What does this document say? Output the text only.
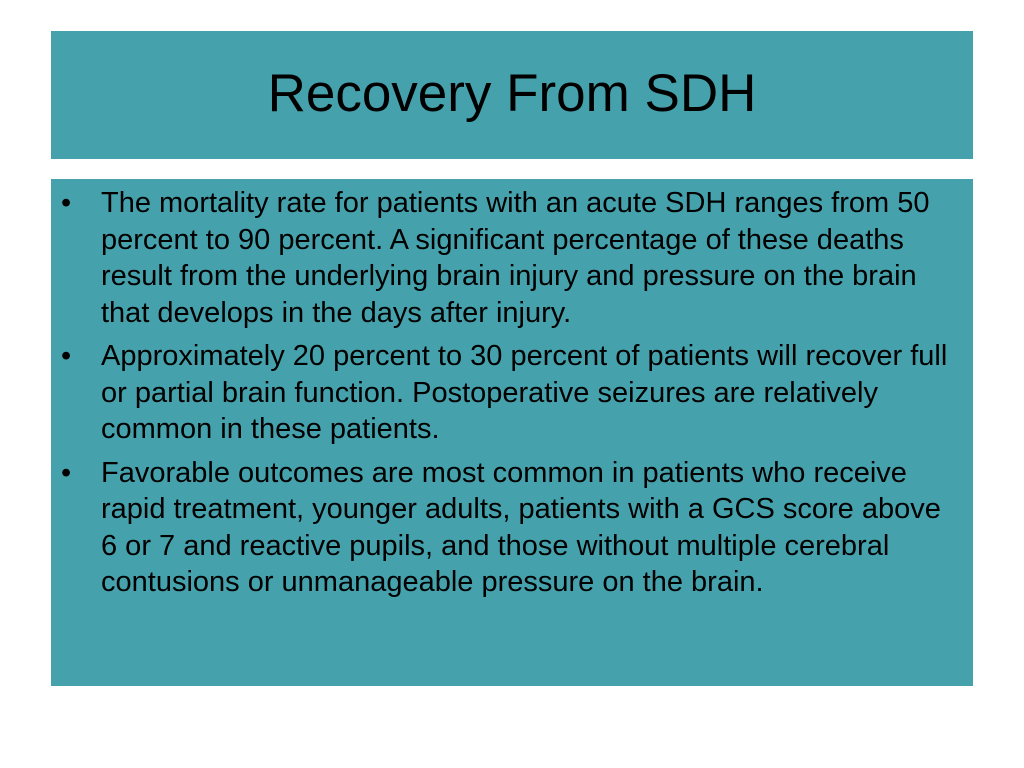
Recovery From SDH
• The mortality rate for patients with an acute SDH ranges from 50 percent to 90 percent. A significant percentage of these deaths result from the underlying brain injury and pressure on the brain that develops in the days after injury.
• Approximately 20 percent to 30 percent of patients will recover full or partial brain function. Postoperative seizures are relatively common in these patients.
• Favorable outcomes are most common in patients who receive rapid treatment, younger adults, patients with a GCS score above 6 or 7 and reactive pupils, and those without multiple cerebral contusions or unmanageable pressure on the brain.
